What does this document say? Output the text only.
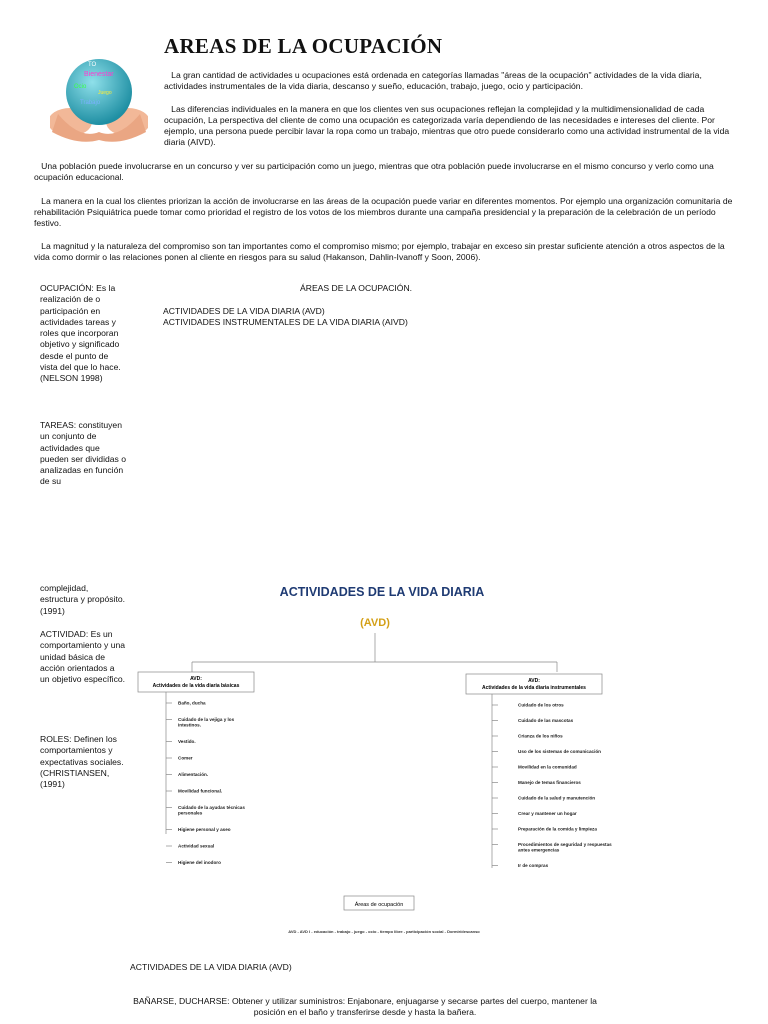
TO
Bienestar
Ocio
Juego
Trabajo
AREAS DE LA OCUPACIÓN

La gran cantidad de actividades u ocupaciones está ordenada en categorías llamadas "áreas de la ocupación" actividades de la vida diaria, actividades instrumentales de la vida diaria, descanso y sueño, educación, trabajo, juego, ocio y participación.

Las diferencias individuales en la manera en que los clientes ven sus ocupaciones reflejan la complejidad y la multidimensionalidad de cada ocupación, La perspectiva del cliente de como una ocupación es categorizada varía dependiendo de las necesidades e intereses del cliente. Por ejemplo, una persona puede percibir lavar la ropa como un trabajo, mientras que otro puede considerarlo como una actividad instrumental de la vida diaria (AIVD).

Una población puede involucrarse en un concurso y ver su participación como un juego, mientras que otra población puede involucrarse en el mismo concurso y verlo como una ocupación educacional.

La manera en la cual los clientes priorizan la acción de involucrarse en las áreas de la ocupación puede variar en diferentes momentos. Por ejemplo una organización comunitaria de rehabilitación Psiquiátrica puede tomar como prioridad el registro de los votos de los miembros durante una campaña presidencial y la preparación de la celebración de un período festivo.

La magnitud y la naturaleza del compromiso son tan importantes como el compromiso mismo; por ejemplo, trabajar en exceso sin prestar suficiente atención a otros aspectos de la vida como dormir o las relaciones ponen al cliente en riesgos para su salud (Hakanson, Dahlin-Ivanoff y Soon, 2006).

OCUPACIÓN: Es la realización de o participación en actividades tareas y roles que incorporan objetivo y significado desde el punto de vista del que lo hace. (NELSON 1998)

TAREAS: constituyen un conjunto de actividades que pueden ser divididas o analizadas en función de su

complejidad, estructura y propósito. (1991)

ACTIVIDAD: Es un comportamiento y una unidad básica de acción orientados a un objetivo específico.

ROLES: Definen los comportamientos y expectativas sociales. (CHRISTIANSEN, (1991)

ÁREAS DE LA OCUPACIÓN.
ACTIVIDADES DE LA VIDA DIARIA (AVD)
ACTIVIDADES INSTRUMENTALES DE LA VIDA DIARIA (AIVD)
ACTIVIDADES DE LA VIDA DIARIA
(AVD)
AVD:
Actividades de la vida diaria básicas
AVD:
Actividades de la vida diaria instrumentales
Baño, ducha
Cuidado de la vejiga y los intestinos.
Vestido.
Comer
Alimentación.
Movilidad funcional.
Cuidado de la ayudas técnicas personales
Higiene personal y aseo
Actividad sexual
Higiene del inodoro
Cuidado de los otros
Cuidado de las mascotas
Crianza de los niños
Uso de los sistemas de comunicación
Movilidad en la comunidad
Manejo de temas financieros
Cuidado de la salud y manutención
Crear y mantener un hogar
Preparación de la comida y limpieza
Procedimientos de seguridad y respuestas antes emergencias
Ir de compras
Áreas de ocupación
AVD - AVD I - educación - trabajo - juego - ocio - tiempo libre - participación social - Dormir/descanso
ACTIVIDADES DE LA VIDA DIARIA (AVD)

BAÑARSE, DUCHARSE: Obtener y utilizar suministros: Enjabonare, enjuagarse y secarse partes del cuerpo, mantener la posición en el baño y transferirse desde y hasta la bañera.
